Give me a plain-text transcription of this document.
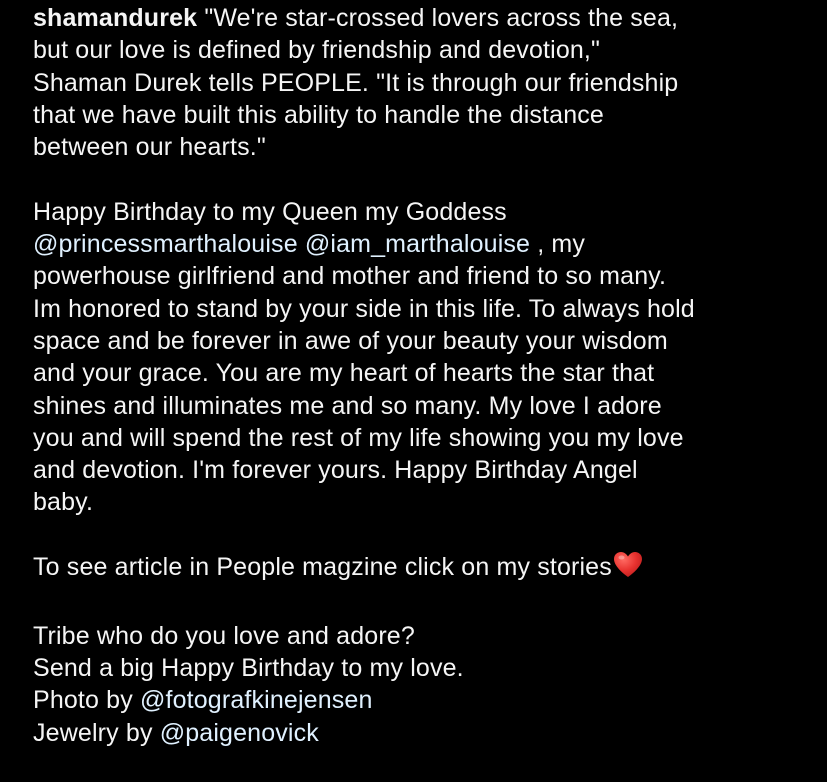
shamandurek "We're star-crossed lovers across the sea,
but our love is defined by friendship and devotion,"
Shaman Durek tells PEOPLE. "It is through our friendship
that we have built this ability to handle the distance
between our hearts."
Happy Birthday to my Queen my Goddess
@princessmarthalouise @iam_marthalouise , my
powerhouse girlfriend and mother and friend to so many.
Im honored to stand by your side in this life. To always hold
space and be forever in awe of your beauty your wisdom
and your grace. You are my heart of hearts the star that
shines and illuminates me and so many. My love I adore
you and will spend the rest of my life showing you my love
and devotion. I'm forever yours. Happy Birthday Angel
baby.
To see article in People magzine click on my stories
Tribe who do you love and adore?
Send a big Happy Birthday to my love.
Photo by @fotografkinejensen
Jewelry by @paigenovick
